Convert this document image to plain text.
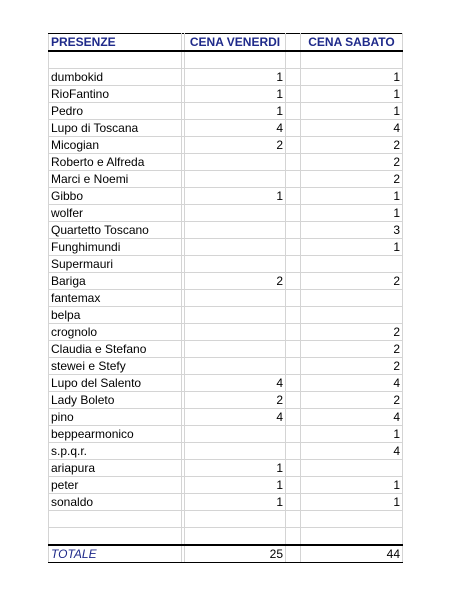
PRESENZE		CENA VENERDI		CENA SABATO

dumbokid		1		1
RioFantino		1		1
Pedro		1		1
Lupo di Toscana		4		4
Micogian		2		2
Roberto e Alfreda				2
Marci e Noemi				2
Gibbo		1		1
wolfer				1
Quartetto Toscano				3
Funghimundi				1
Supermauri				
Bariga		2		2
fantemax				
belpa				
crognolo				2
Claudia e Stefano				2
stewei e Stefy				2
Lupo del Salento		4		4
Lady Boleto		2		2
pino		4		4
beppearmonico				1
s.p.q.r.				4
ariapura		1		
peter		1		1
sonaldo		1		1

TOTALE		25		44
